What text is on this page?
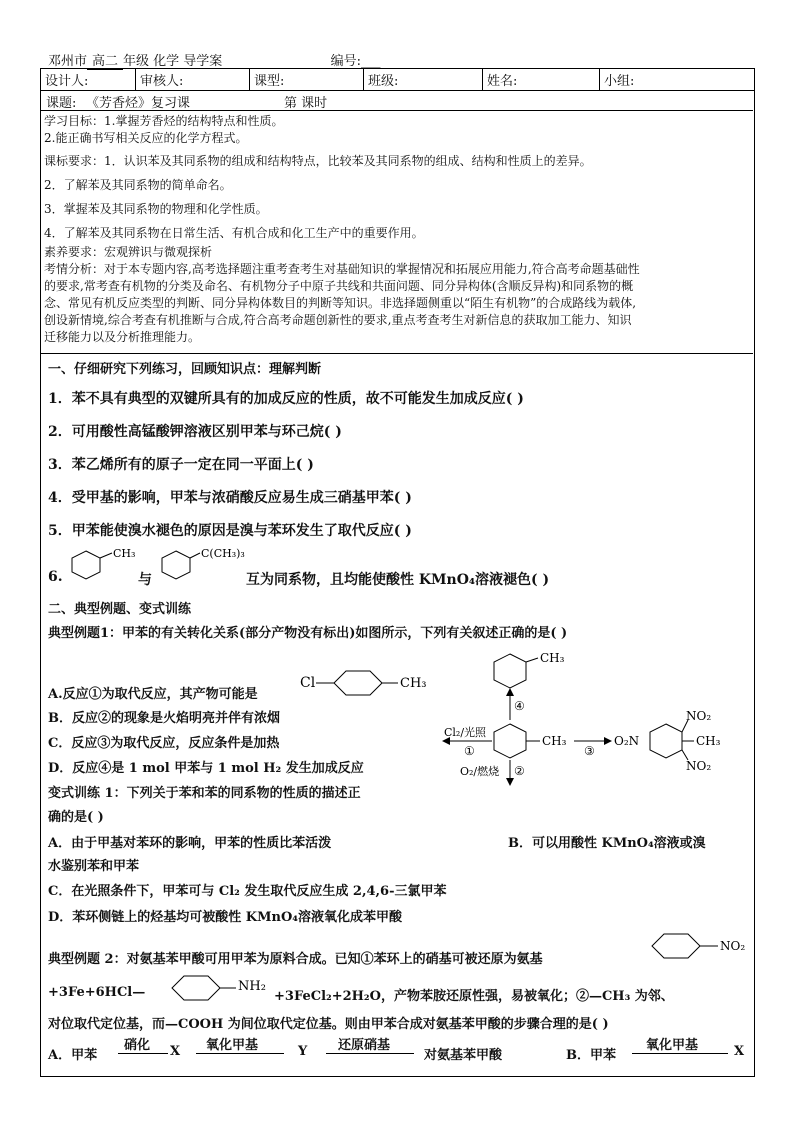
邓州市 高二 年级 化学 导学案	编号:___
设计人:	审核人:	课型:	班级:	姓名:	小组:
课题: 《芳香烃》复习课	第 课时
学习目标：1.掌握芳香烃的结构特点和性质。
2.能正确书写相关反应的化学方程式。
课标要求：1．认识苯及其同系物的组成和结构特点，比较苯及其同系物的组成、结构和性质上的差异。
2．了解苯及其同系物的简单命名。
3．掌握苯及其同系物的物理和化学性质。
4．了解苯及其同系物在日常生活、有机合成和化工生产中的重要作用。
素养要求：宏观辨识与微观探析
考情分析：对于本专题内容,高考选择题注重考查考生对基础知识的掌握情况和拓展应用能力,符合高考命题基础性
的要求,常考查有机物的分类及命名、有机物分子中原子共线和共面问题、同分异构体(含顺反异构)和同系物的概
念、常见有机反应类型的判断、同分异构体数目的判断等知识。非选择题侧重以“陌生有机物”的合成路线为载体,
创设新情境,综合考查有机推断与合成,符合高考命题创新性的要求,重点考查考生对新信息的获取加工能力、知识
迁移能力以及分析推理能力。
一、仔细研究下列练习，回顾知识点：理解判断
1．苯不具有典型的双键所具有的加成反应的性质，故不可能发生加成反应( )
2．可用酸性高锰酸钾溶液区别甲苯与环己烷( )
3．苯乙烯所有的原子一定在同一平面上( )
4．受甲基的影响，甲苯与浓硝酸反应易生成三硝基甲苯( )
5．甲苯能使溴水褪色的原因是溴与苯环发生了取代反应( )
6.
CH₃	C(CH₃)₃
与	互为同系物，且均能使酸性 KMnO₄溶液褪色( )
二、典型例题、变式训练
典型例题1：甲苯的有关转化关系(部分产物没有标出)如图所示，下列有关叙述正确的是( )
A.反应①为取代反应，其产物可能是
Cl	CH₃
B．反应②的现象是火焰明亮并伴有浓烟
C．反应③为取代反应，反应条件是加热
D．反应④是 1 mol 甲苯与 1 mol H₂ 发生加成反应
CH₃
④
CH₃
Cl₂/光照
①	③
O₂N
NO₂
CH₃
NO₂
O₂/燃烧 ②
变式训练 1：下列关于苯和苯的同系物的性质的描述正
确的是( )
A．由于甲基对苯环的影响，甲苯的性质比苯活泼	B．可以用酸性 KMnO₄溶液或溴
水鉴别苯和甲苯
C．在光照条件下，甲苯可与 Cl₂ 发生取代反应生成 2,4,6-三氯甲苯
D．苯环侧链上的烃基均可被酸性 KMnO₄溶液氧化成苯甲酸
典型例题 2：对氨基苯甲酸可用甲苯为原料合成。已知①苯环上的硝基可被还原为氨基
NO₂
+3Fe+6HCl—	NH₂
+3FeCl₂+2H₂O，产物苯胺还原性强，易被氧化；②—CH₃ 为邻、
对位取代定位基，而—COOH 为间位取代定位基。则由甲苯合成对氨基苯甲酸的步骤合理的是( )
A．甲苯
硝化 X 氧化甲基	Y 还原硝基
对氨基苯甲酸	B．甲苯
氧化甲基	X
